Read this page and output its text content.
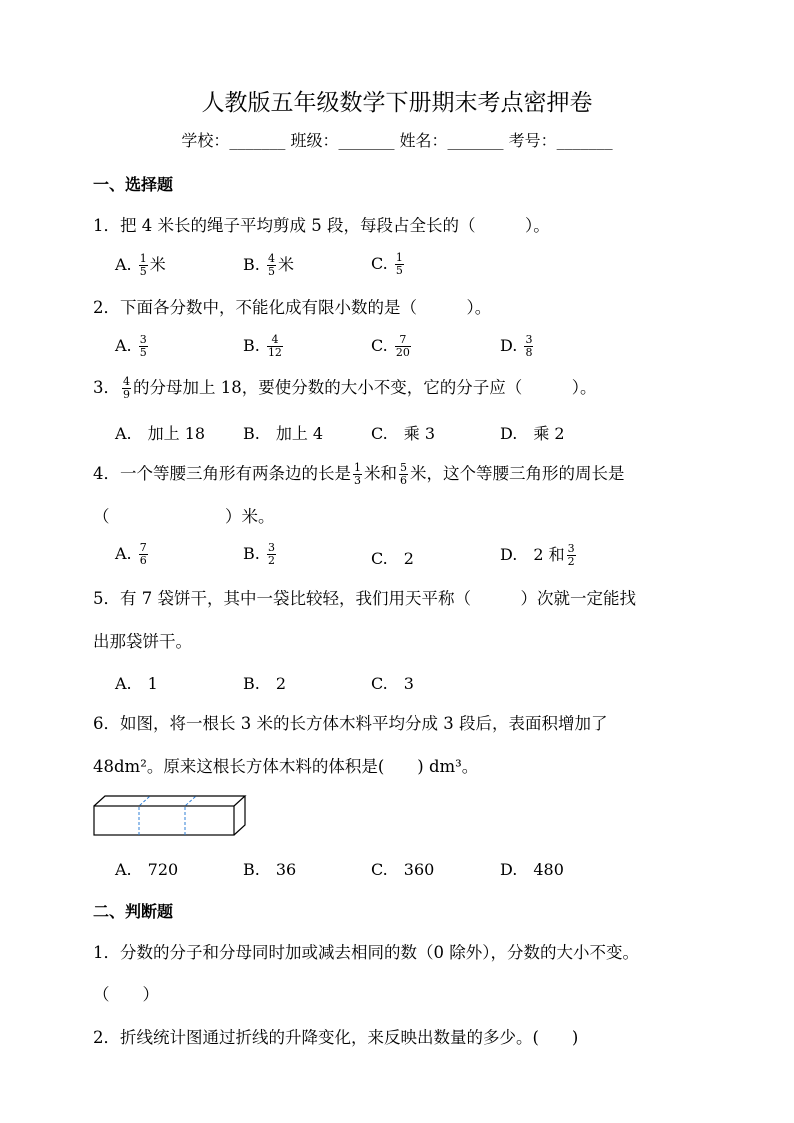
人教版五年级数学下册期末考点密押卷
学校：_______ 班级：_______ 姓名：_______ 考号：_______
一、选择题
1．把 4 米长的绳子平均剪成 5 段，每段占全长的（　　　）。
A. $\frac{1}{5}$ 米	B. $\frac{4}{5}$ 米	C. $\frac{1}{5}$
2．下面各分数中，不能化成有限小数的是（　　　）。
A. $\frac{3}{5}$	B. $\frac{4}{12}$	C. $\frac{7}{20}$	D. $\frac{3}{8}$
3． $\frac{4}{9}$ 的分母加上 18，要使分数的大小不变，它的分子应（　　　）。
A.　加上 18 B.　加上 4	C.　乘 3	D.　乘 2
4．一个等腰三角形有两条边的长是 $\frac{1}{3}$ 米和 $\frac{5}{6}$ 米，这个等腰三角形的周长是
（　　　　　　　）米。
A. $\frac{7}{6}$	B. $\frac{3}{2}$	C.　2	D.　2 和 $\frac{3}{2}$
5．有 7 袋饼干，其中一袋比较轻，我们用天平称（　　　）次就一定能找
出那袋饼干。
A.　1	B.　2	C.　3
6．如图，将一根长 3 米的长方体木料平均分成 3 段后，表面积增加了
48dm²。原来这根长方体木料的体积是(　　) dm³。
A.　720	B.　36	C.　360	D.　480
二、判断题
1．分数的分子和分母同时加或减去相同的数（0 除外），分数的大小不变。
（　　）
2．折线统计图通过折线的升降变化，来反映出数量的多少。(　　)
